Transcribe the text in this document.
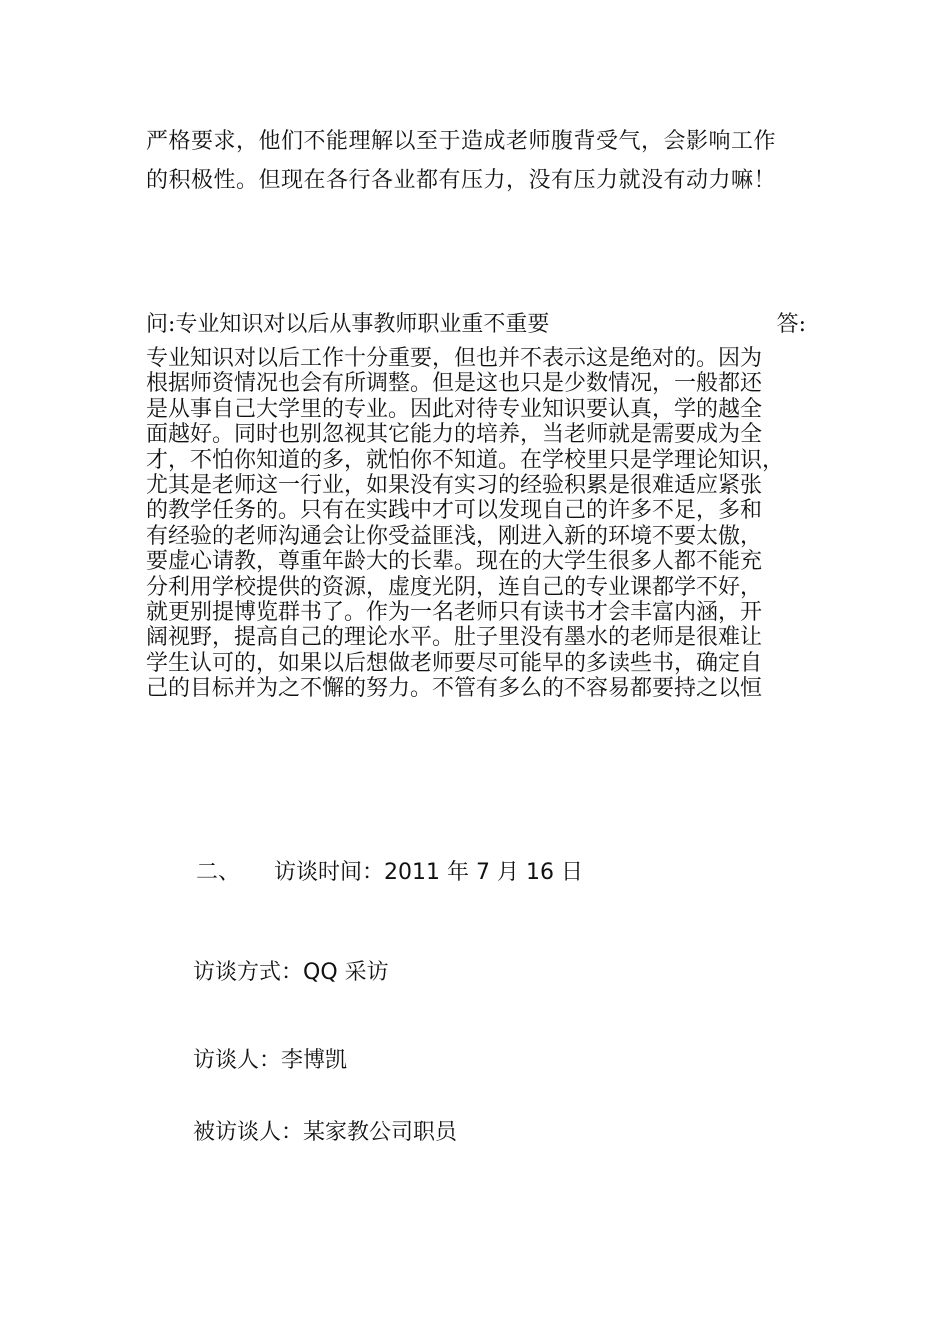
严格要求，他们不能理解以至于造成老师腹背受气，会影响工作
的积极性。但现在各行各业都有压力，没有压力就没有动力嘛！
问:专业知识对以后从事教师职业重不重要	答:
专业知识对以后工作十分重要，但也并不表示这是绝对的。因为
根据师资情况也会有所调整。但是这也只是少数情况，一般都还
是从事自己大学里的专业。因此对待专业知识要认真，学的越全
面越好。同时也别忽视其它能力的培养，当老师就是需要成为全
才，不怕你知道的多，就怕你不知道。在学校里只是学理论知识，
尤其是老师这一行业，如果没有实习的经验积累是很难适应紧张
的教学任务的。只有在实践中才可以发现自己的许多不足，多和
有经验的老师沟通会让你受益匪浅，刚进入新的环境不要太傲，
要虚心请教，尊重年龄大的长辈。现在的大学生很多人都不能充
分利用学校提供的资源，虚度光阴，连自己的专业课都学不好，
就更别提博览群书了。作为一名老师只有读书才会丰富内涵，开
阔视野，提高自己的理论水平。肚子里没有墨水的老师是很难让
学生认可的，如果以后想做老师要尽可能早的多读些书，确定自
己的目标并为之不懈的努力。不管有多么的不容易都要持之以恒
二、 访谈时间：2011 年 7 月 16 日
访谈方式：QQ 采访
访谈人：李博凯
被访谈人：某家教公司职员
